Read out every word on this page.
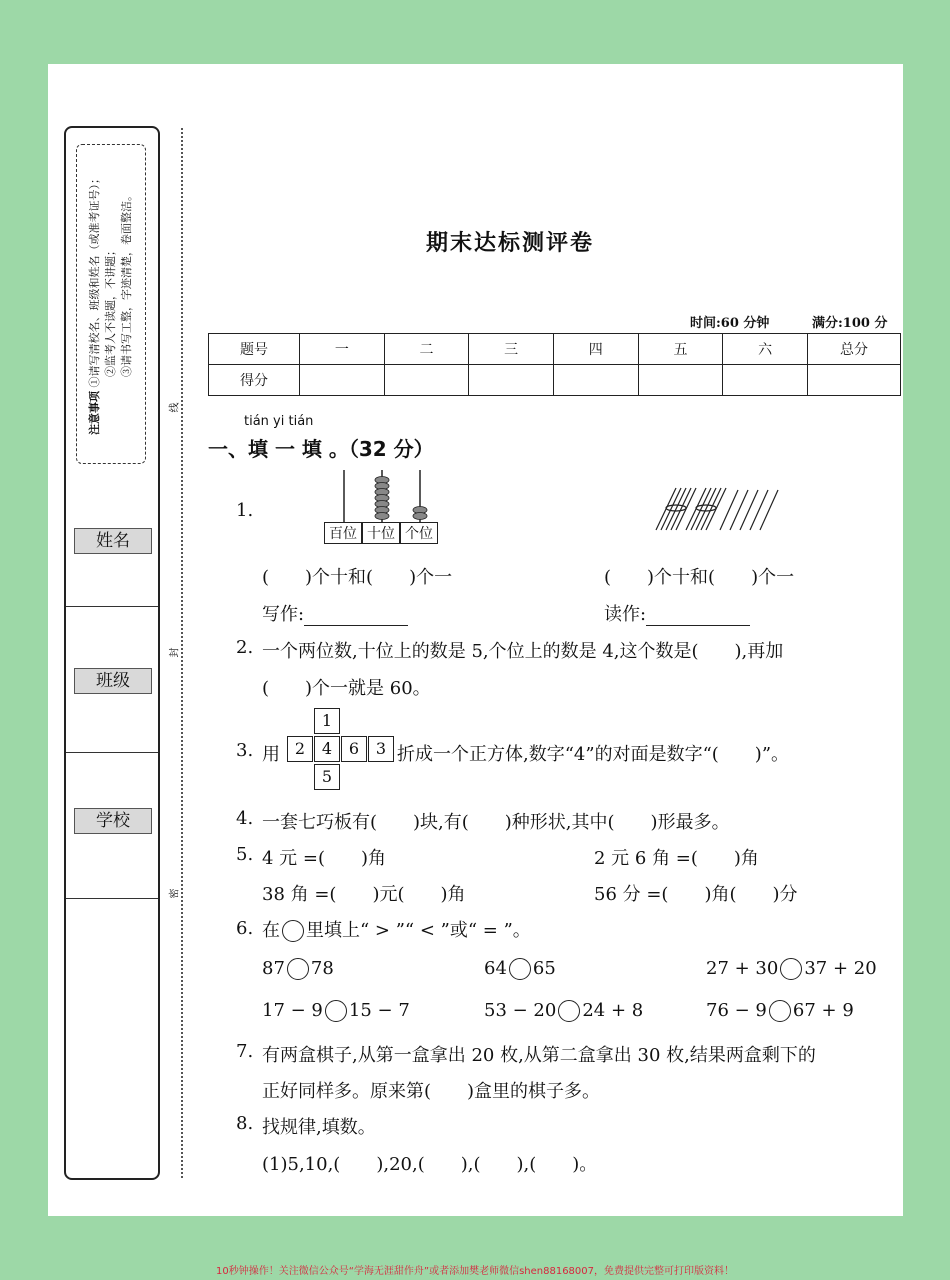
注意事项 ①请写清校名、班级和姓名（或准考证号）； ②监考人不读题，不讲题； ③请书写工整，字迹清楚，卷面整洁。
姓名
班级
学校
线
封
密
期末达标测评卷
时间:60 分钟	满分:100 分
题号	一	二	三	四	五	六	总分
得分							
tián yi tián
一、填 一 填 。（32 分）
1.
百位 十位 个位
(　　)个十和(　　)个一	(　　)个十和(　　)个一
写作:	读作:
2. 一个两位数,十位上的数是 5,个位上的数是 4,这个数是(　　),再加
(　　)个一就是 60。
3. 用
1
2	4	6	3
5
折成一个正方体,数字“4”的对面是数字“(　　)”。
4. 一套七巧板有(　　)块,有(　　)种形状,其中(　　)形最多。
5. 4 元 =(　　)角	2 元 6 角 =(　　)角
38 角 =(　　)元(　　)角	56 分 =(　　)角(　　)分
6. 在 里填上“ > ”“ < ”或“ = ”。
87 78	64 65	27 + 30 37 + 20
17 − 9 15 − 7	53 − 20 24 + 8	76 − 9 67 + 9
7. 有两盒棋子,从第一盒拿出 20 枚,从第二盒拿出 30 枚,结果两盒剩下的
正好同样多。原来第(　　)盒里的棋子多。
8. 找规律,填数。
(1)5,10,(　　),20,(　　),(　　),(　　)。
10秒钟操作！关注微信公众号“学海无涯甜作舟”或者添加樊老师微信shen88168007，免费提供完整可打印版资料！
